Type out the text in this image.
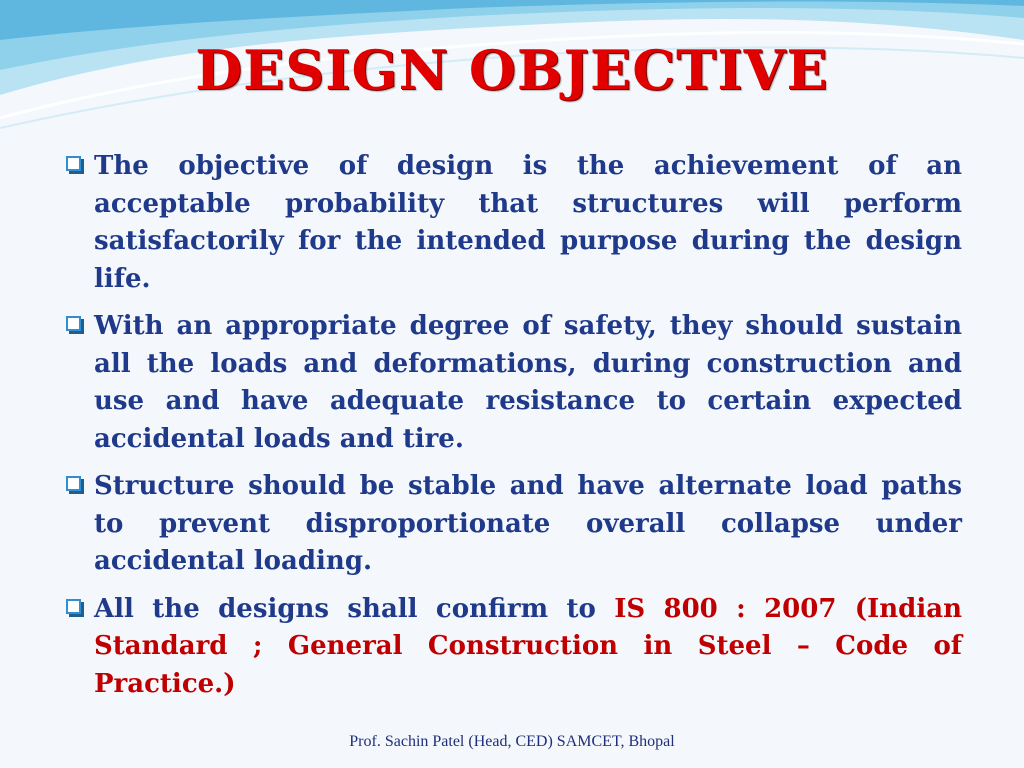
DESIGN OBJECTIVE
The objective of design is the achievement of an acceptable probability that structures will perform satisfactorily for the intended purpose during the design life.
With an appropriate degree of safety, they should sustain all the loads and deformations, during construction and use and have adequate resistance to certain expected accidental loads and tire.
Structure should be stable and have alternate load paths to prevent disproportionate overall collapse under accidental loading.
All the designs shall confirm to IS 800 : 2007 (Indian Standard ; General Construction in Steel – Code of Practice.)
Prof. Sachin Patel (Head, CED) SAMCET, Bhopal
